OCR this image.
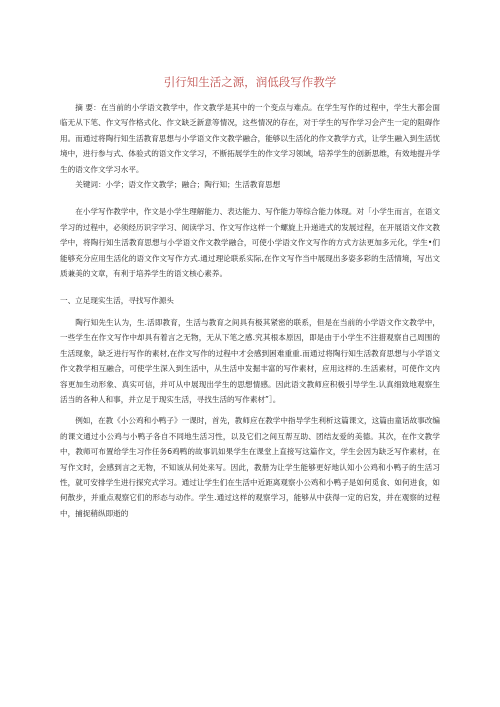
引行知生活之源，润低段写作教学

摘 要：在当前的小学语文教学中，作文教学是其中的一个变点与难点。在学生写作的过程中，学生大都会面临无从下笔、作文写作格式化、作文缺乏新意等情况，这些情况的存在，对于学生的写作学习会产生一定的阻碍作用。而通过将陶行知生活教育思想与小学语文作文教学融合，能够以生活化的作文教学方式，让学生融入到生活忧境中，进行参与式、体验式的语文作文学习，不断拓展学生的作文学习领域，培养学生的创新思维，有效地提升学生的语文作文学习水平。

关键词：小学；语文作文教学；融合；陶行知；生活教育思想

在小学写作教学中，作文是小学生理解能力、表达能力、写作能力等综合能力体现。对「小学生而言，在语文学习的过程中，必须经历识字学习、阅读学习、作文写作这样一个螺旋上升递进式的发展过程，在开展语文作文教学中，将陶行知生活教育思想与小学语文作文教学融合，可使小学语文作文写作的方式方法更加多元化，学生•们能够充分应用生活化的语文作文写作方式.通过理论联系实际,在作文写作当中展现出多姿多彩的生活情境，写出文质兼美的文章，有利于培养学生的语文核心素养。

一、立足现实生活，寻找写作源头

陶行知先生认为，生.活即教育，生活与教育之间具有极其紧密的联系，但是在当前的小学语文作文教学中，一些学生在作文写作中却具有着言之无物，无从下笔之感.究其根本原因，即是由于小学生不注措观察自己周围的生活现象，缺乏进行写作的素材,在作文写作的过程中才会感到困难重重.而通过将陶行知生活教育思想与小学语文作文教学相互融合，可使学生深入到生活中，从生活中发掘丰富的写作素材，应用这样的.生活素材，可使作文内容更加生动形象、真实可信，并可从中展现出学生的思想情感。因此语文教师应积极引导学生.认真细致地观察生活当的各种人和事，并立足于现实生活，寻找生活的写作素材”］。

例如，在教《小公鸡和小鸭子》一课时，首先，教师应在教学中指导学生利析这篇课文，这篇由童话故事改编的课文通过小公鸡与小鸭子各自不同地生活习性，以及它们之间互帮互助、团结友爱的美德。其次，在作文教学中，教师可布置给学生习作任务6鸡鸭的故事讥如果学生在课堂上直接写这篇作文，学生会因为缺乏写作素材，在写作文时，会感到言之无物，不知该从何处来写。因此，教册为让学生能够更好地认知小公鸡和小鸭子的生活习性，就可安排学生进行探究式学习。通过让学生们在生活中近距离观察小公鸡和小鸭子是如何觅食、如何进食，如何散步，并重点观察它们的形态与动作。学生.通过这样的观察学习，能够从中获得一定的启发，并在观察的过程中，捕捉稍纵即逝的
